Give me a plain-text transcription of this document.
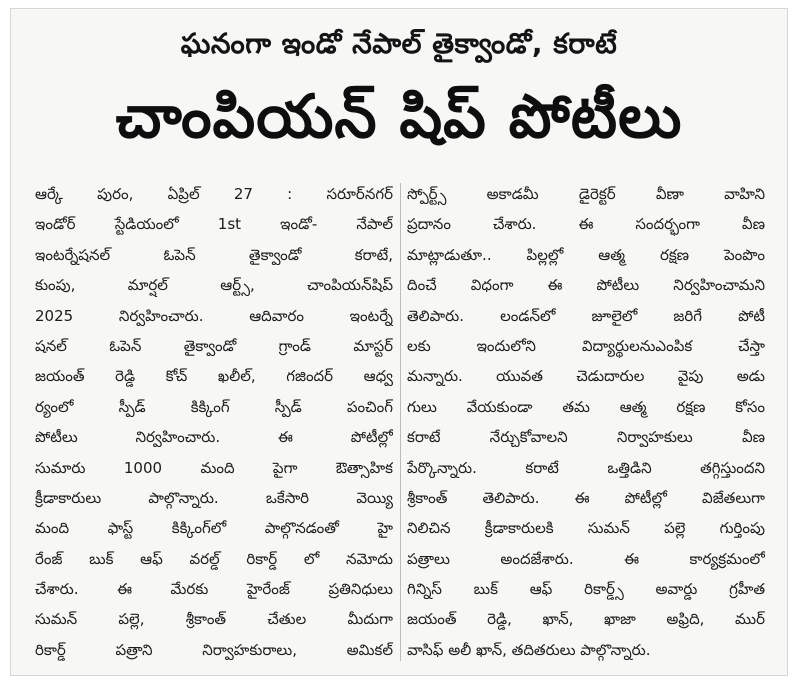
ఘనంగా ఇండో నేపాల్ తైక్వాండో, కరాటే
చాంపియన్ షిప్ పోటీలు
ఆర్కే పురం, ఏప్రిల్ 27 : సరూర్‌నగర్
ఇండోర్ స్టేడియంలో 1st ఇండో- నేపాల్
ఇంటర్నేషనల్ ఓపెన్ తైక్వాండో కరాటే,
కుంపు, మార్షల్ ఆర్ట్స్, చాంపియన్‌షిప్
2025 నిర్వహించారు. ఆదివారం ఇంటర్నే
షనల్ ఓపెన్ తైక్వాండో గ్రాండ్ మాస్టర్
జయంత్ రెడ్డి కోచ్ ఖలీల్, గజిందర్ ఆధ్వ
ర్యంలో స్పీడ్ కిక్కింగ్ స్పీడ్ పంచింగ్
పోటీలు నిర్వహించారు. ఈ పోటీల్లో
సుమారు 1000 మంది పైగా ఔత్సాహిక
క్రీడాకారులు పాల్గొన్నారు. ఒకేసారి వెయ్యి
మంది ఫాస్ట్ కిక్కింగ్‌లో పాల్గొనడంతో హై
రేంజ్ బుక్ ఆఫ్ వరల్డ్ రికార్డ్ లో నమోదు
చేశారు. ఈ మేరకు హైరేంజ్ ప్రతినిధులు
సుమన్ పల్లె, శ్రీకాంత్ చేతుల మీదుగా
రికార్డ్ పత్రాని నిర్వాహకురాలు, అమికల్
స్పోర్ట్స్ అకాడమీ డైరెక్టర్ వీణా వాహిని
ప్రదానం చేశారు. ఈ సందర్భంగా వీణ
మాట్లాడుతూ.. పిల్లల్లో ఆత్మ రక్షణ పెంపొం
దించే విధంగా ఈ పోటీలు నిర్వహించామని
తెలిపారు. లండన్‌లో జూలైలో జరిగే పోటీ
లకు ఇందులోని విద్యార్థులనుఎంపిక చేస్తా
మన్నారు. యువత చెడుదారుల వైపు అడు
గులు వేయకుండా తమ ఆత్మ రక్షణ కోసం
కరాటే నేర్చుకోవాలని నిర్వాహకులు వీణ
పేర్కొన్నారు. కరాటే ఒత్తిడిని తగ్గిస్తుందని
శ్రీకాంత్ తెలిపారు. ఈ పోటీల్లో విజేతలుగా
నిలిచిన క్రీడాకారులకి సుమన్ పల్లె గుర్తింపు
పత్రాలు అందజేశారు. ఈ కార్యక్రమంలో
గిన్నిస్ బుక్ ఆఫ్ రికార్డ్స్ అవార్డు గ్రహీత
జయంత్ రెడ్డి, ఖాన్, ఖాజా అఫ్రిది, ముర్
వాసిఫ్ అలీ ఖాన్, తదితరులు పాల్గొన్నారు.
